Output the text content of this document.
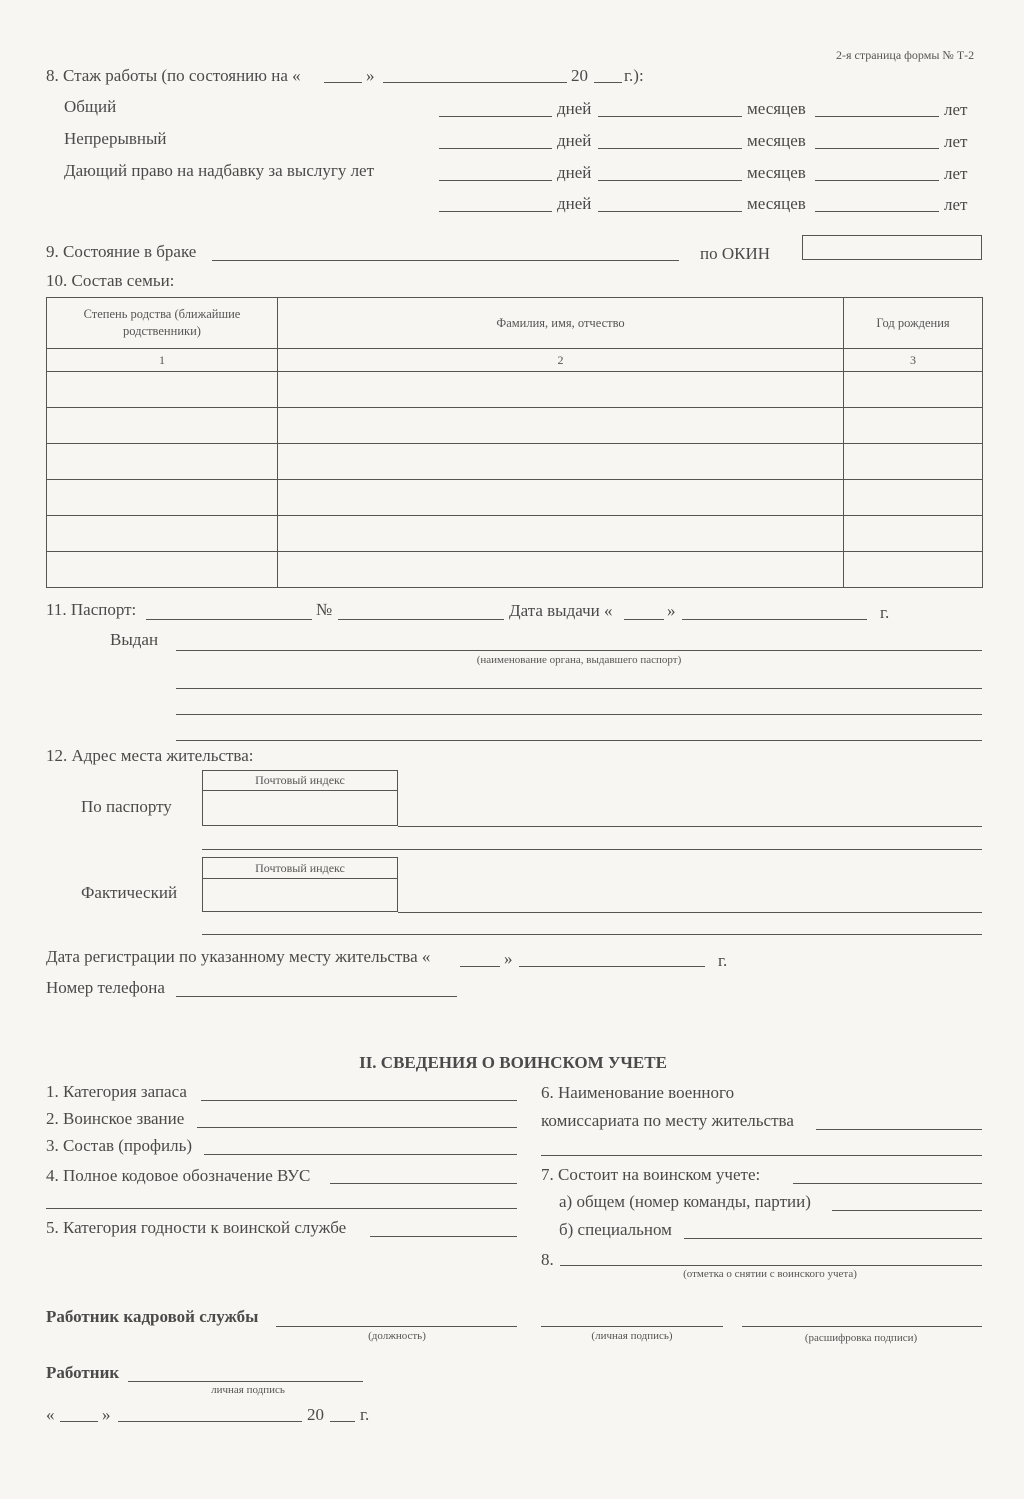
2-я страница формы № Т-2
8. Стаж работы (по состоянию на «	»	20 г.):
Общий	дней	месяцев	лет
Непрерывный	дней	месяцев	лет
Дающий право на надбавку за выслугу лет	дней	месяцев	лет
дней	месяцев	лет
9. Состояние в браке	по ОКИН
10. Состав семьи:
Степень родства (ближайшие родственники)	Фамилия, имя, отчество	Год рождения
1	2	3

11. Паспорт:	№	Дата выдачи «	»	г.
Выдан
(наименование органа, выдавшего паспорт)
12. Адрес места жительства:
Почтовый индекс
По паспорту
Почтовый индекс
Фактический
Дата регистрации по указанному месту жительства «	»	г.
Номер телефона
II. СВЕДЕНИЯ О ВОИНСКОМ УЧЕТЕ
1. Категория запаса
2. Воинское звание
3. Состав (профиль)
4. Полное кодовое обозначение ВУС
5. Категория годности к воинской службе
6. Наименование военного
комиссариата по месту жительства
7. Состоит на воинском учете:
а) общем (номер команды, партии)
б) специальном
8.
(отметка о снятии с воинского учета)
Работник кадровой службы
(должность)	(личная подпись)	(расшифровка подписи)
Работник
личная подпись
«	»	20 г.
